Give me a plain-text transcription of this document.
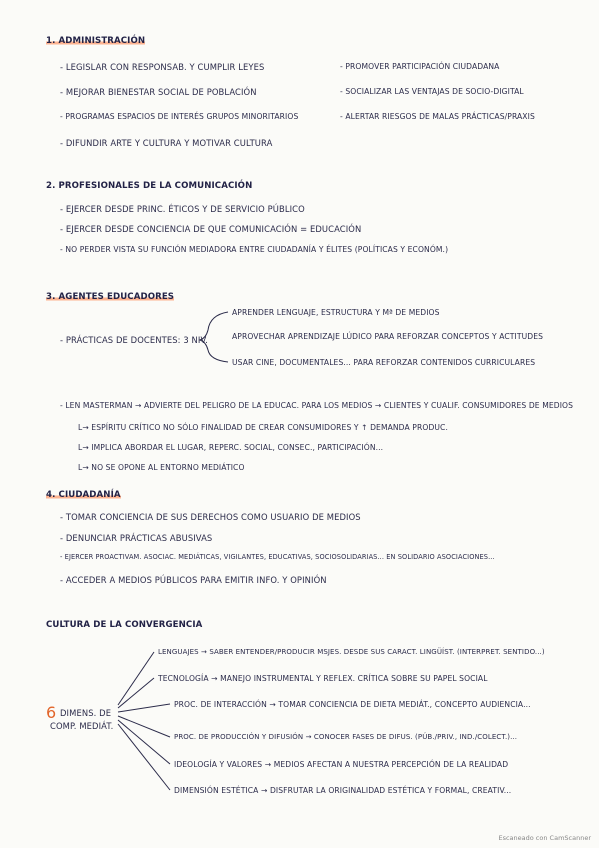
1. ADMINISTRACIÓN
- LEGISLAR CON RESPONSAB. Y CUMPLIR LEYES
- MEJORAR BIENESTAR SOCIAL DE POBLACIÓN
- PROGRAMAS ESPACIOS DE INTERÉS GRUPOS MINORITARIOS
- DIFUNDIR ARTE Y CULTURA Y MOTIVAR CULTURA
- PROMOVER PARTICIPACIÓN CIUDADANA
- SOCIALIZAR LAS VENTAJAS DE SOCIO-DIGITAL
- ALERTAR RIESGOS DE MALAS PRÁCTICAS/PRAXIS
2. PROFESIONALES DE LA COMUNICACIÓN
- EJERCER DESDE PRINC. ÉTICOS Y DE SERVICIO PÚBLICO
- EJERCER DESDE CONCIENCIA DE QUE COMUNICACIÓN = EDUCACIÓN
- NO PERDER VISTA SU FUNCIÓN MEDIADORA ENTRE CIUDADANÍA Y ÉLITES (POLÍTICAS Y ECONÓM.)
3. AGENTES EDUCADORES
- PRÁCTICAS DE DOCENTES: 3 NIV.
APRENDER LENGUAJE, ESTRUCTURA Y Mª DE MEDIOS
APROVECHAR APRENDIZAJE LÚDICO PARA REFORZAR CONCEPTOS Y ACTITUDES
USAR CINE, DOCUMENTALES... PARA REFORZAR CONTENIDOS CURRICULARES
- LEN MASTERMAN → ADVIERTE DEL PELIGRO DE LA EDUCAC. PARA LOS MEDIOS → CLIENTES Y CUALIF. CONSUMIDORES DE MEDIOS
L→ ESPÍRITU CRÍTICO NO SÓLO FINALIDAD DE CREAR CONSUMIDORES Y ↑ DEMANDA PRODUC.
L→ IMPLICA ABORDAR EL LUGAR, REPERC. SOCIAL, CONSEC., PARTICIPACIÓN...
L→ NO SE OPONE AL ENTORNO MEDIÁTICO
4. CIUDADANÍA
- TOMAR CONCIENCIA DE SUS DERECHOS COMO USUARIO DE MEDIOS
- DENUNCIAR PRÁCTICAS ABUSIVAS
- EJERCER PROACTIVAM. ASOCIAC. MEDIÁTICAS, VIGILANTES, EDUCATIVAS, SOCIOSOLIDARIAS... EN SOLIDARIO ASOCIACIONES...
- ACCEDER A MEDIOS PÚBLICOS PARA EMITIR INFO. Y OPINIÓN
CULTURA DE LA CONVERGENCIA
6 DIMENS. DE
COMP. MEDIÁT.
LENGUAJES → SABER ENTENDER/PRODUCIR MSJES. DESDE SUS CARACT. LINGÜÍST. (INTERPRET. SENTIDO...)
TECNOLOGÍA → MANEJO INSTRUMENTAL Y REFLEX. CRÍTICA SOBRE SU PAPEL SOCIAL
PROC. DE INTERACCIÓN → TOMAR CONCIENCIA DE DIETA MEDIÁT., CONCEPTO AUDIENCIA...
PROC. DE PRODUCCIÓN Y DIFUSIÓN → CONOCER FASES DE DIFUS. (PÚB./PRIV., IND./COLECT.)...
IDEOLOGÍA Y VALORES → MEDIOS AFECTAN A NUESTRA PERCEPCIÓN DE LA REALIDAD
DIMENSIÓN ESTÉTICA → DISFRUTAR LA ORIGINALIDAD ESTÉTICA Y FORMAL, CREATIV...
Escaneado con CamScanner
